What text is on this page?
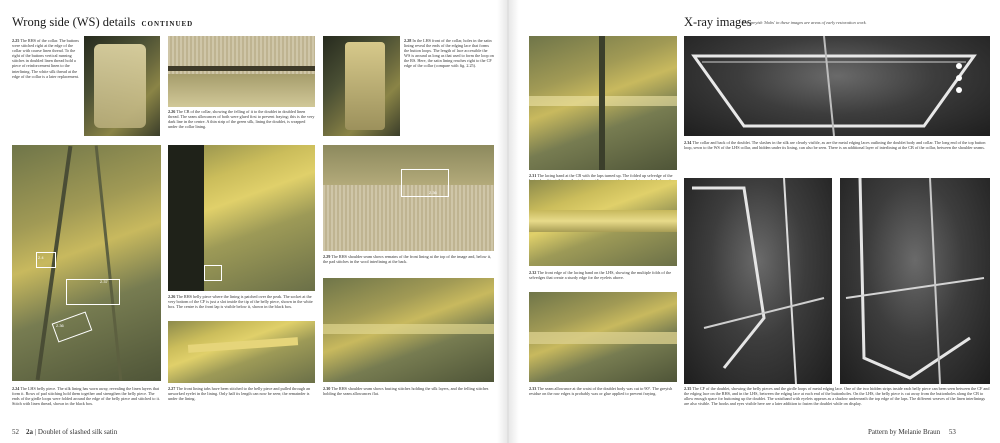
Wrong side (WS) details CONTINUED
2.25 The RHS of the collar. The buttons were stitched right at the edge of the collar with coarse linen thread. To the right of the buttons vertical running stitches in doubled linen thread hold a piece of reinforcement linen to the interlining. The white silk thread at the edge of the collar is a later replacement.
2.26 The CB of the collar, showing the felling of it to the doublet in doubled linen thread. The seam allowances of both were glued first to prevent fraying; this is the very dark line in the centre. A thin strip of the green silk, lining the doublet, is wrapped under the collar lining.
2.28 In the LHS front of the collar, holes in the satin lining reveal the ends of the edging lace that forms the button loops. The length of lace accessible the WS is around as long as that used to form the loop on the RS. Here, the satin lining reaches right to the CF edge of the collar (compare with fig. 2.25).
2.4
2.37
2.36
2.24 The LHS belly piece. The silk lining has worn away, revealing the linen layers that form it. Rows of pad stitching hold them together and strengthen the belly piece. The ends of the girdle loops were folded around the edge of the belly piece and stitched to it. Stitch with linen thread, shown in the black box.
2.26 The RHS belly piece where the lining is patched over the peak. The socket at the very bottom of the CF is just a slot inside the tip of the belly piece, shown in the white box. The centre is the front lap is visible below it, shown in the black box.
2.27 The front lining tabs have been stitched to the belly piece and pulled through an unworked eyelet in the lining. Only half its length can now be seen; the remainder is under the lining.
2.36
2.29 The RHS shoulder seam shows remains of the front lining at the top of the image and, below it, the pad stitches in the wool interlining at the back.
2.30 The RHS shoulder seam shows basting stitches holding the silk layers, and the felling stitches holding the seam allowances flat.
52 2a | Doublet of slashed silk satin
X-ray images
The greyish 'blobs' in these images are areas of early restoration work.
2.31 The lacing band at the CB with the laps turned up. The folded up selvedge of the
2.32 The front edge of the lacing band on the LHS, showing the multiple folds of the selvedges that create a sturdy edge for the eyelets above.
2.33 The seam allowance at the waist of the doublet body was cut to 90°. The greyish residue on the raw edges is probably wax or glue applied to prevent fraying.
2.34 The collar and back of the doublet. The slashes in the silk are clearly visible, as are the metal edging laces outlining the doublet body and collar. The long end of the top button loop, sewn to the WS of the LHS collar, and hidden under its lining, can also be seen. There is an additional layer of interlining at the CB of the collar, between the shoulder seams.
2.35 The CF of the doublet, showing the belly pieces and the girdle loops of metal edging lace. One of the two hidden strips inside each belly piece can been seen between the CF and the edging lace on the RHS, and in the LHS, between the edging lace at each end of the buttonholes. On the LHS, the belly piece is cut away from the buttonholes along the CB to allow enough space for buttoning up the doublet. The waistband with eyelets appears as a shadow underneath the top edge of the laps. The different weaves of the linen interlinings are also visible. The hooks and eyes visible here are a later addition to fasten the doublet while on display.
Pattern by Melanie Braun 53
